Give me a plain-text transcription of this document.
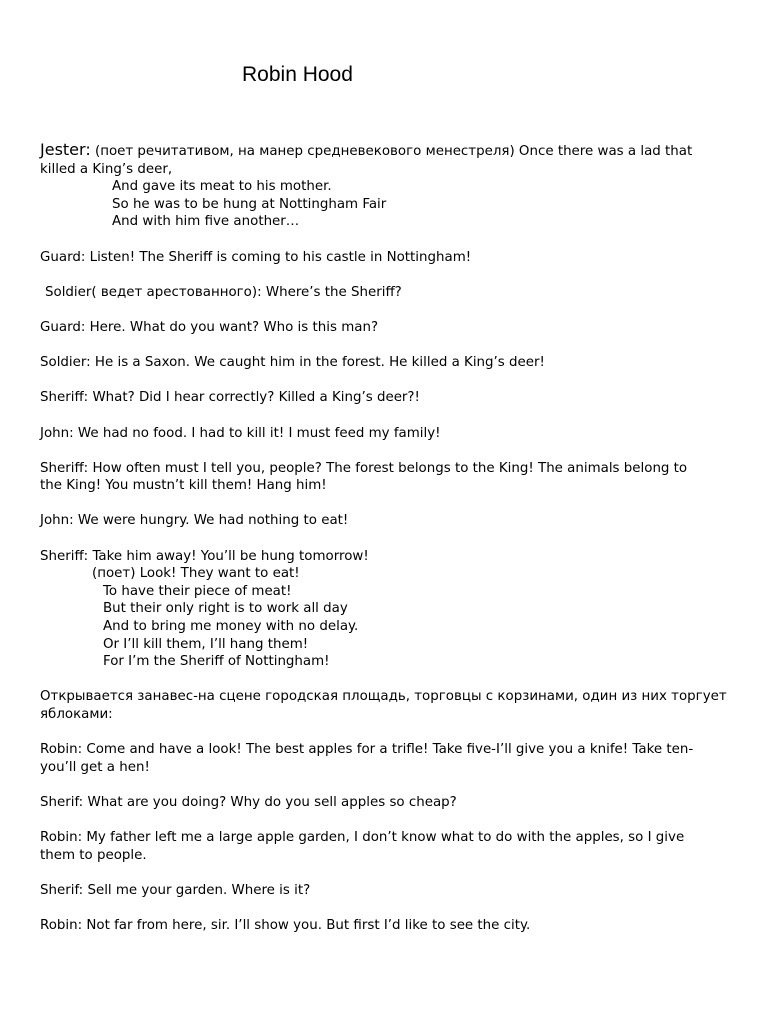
Robin Hood
Jester: (поет речитативом, на манер средневекового менестреля) Once there was a lad that
killed a King’s deer,
And gave its meat to his mother.
So he was to be hung at Nottingham Fair
And with him five another…
Guard: Listen! The Sheriff is coming to his castle in Nottingham!
Soldier( ведет арестованного): Where’s the Sheriff?
Guard: Here. What do you want? Who is this man?
Soldier: He is a Saxon. We caught him in the forest. He killed a King’s deer!
Sheriff: What? Did I hear correctly? Killed a King’s deer?!
John: We had no food. I had to kill it! I must feed my family!
Sheriff: How often must I tell you, people? The forest belongs to the King! The animals belong to
the King! You mustn’t kill them! Hang him!
John: We were hungry. We had nothing to eat!
Sheriff: Take him away! You’ll be hung tomorrow!
(поет) Look! They want to eat!
To have their piece of meat!
But their only right is to work all day
And to bring me money with no delay.
Or I’ll kill them, I’ll hang them!
For I’m the Sheriff of Nottingham!
Открывается занавес-на сцене городская площадь, торговцы с корзинами, один из них торгует
яблоками:
Robin: Come and have a look! The best apples for a trifle! Take five-I’ll give you a knife! Take ten-
you’ll get a hen!
Sherif: What are you doing? Why do you sell apples so cheap?
Robin: My father left me a large apple garden, I don’t know what to do with the apples, so I give
them to people.
Sherif: Sell me your garden. Where is it?
Robin: Not far from here, sir. I’ll show you. But first I’d like to see the city.
